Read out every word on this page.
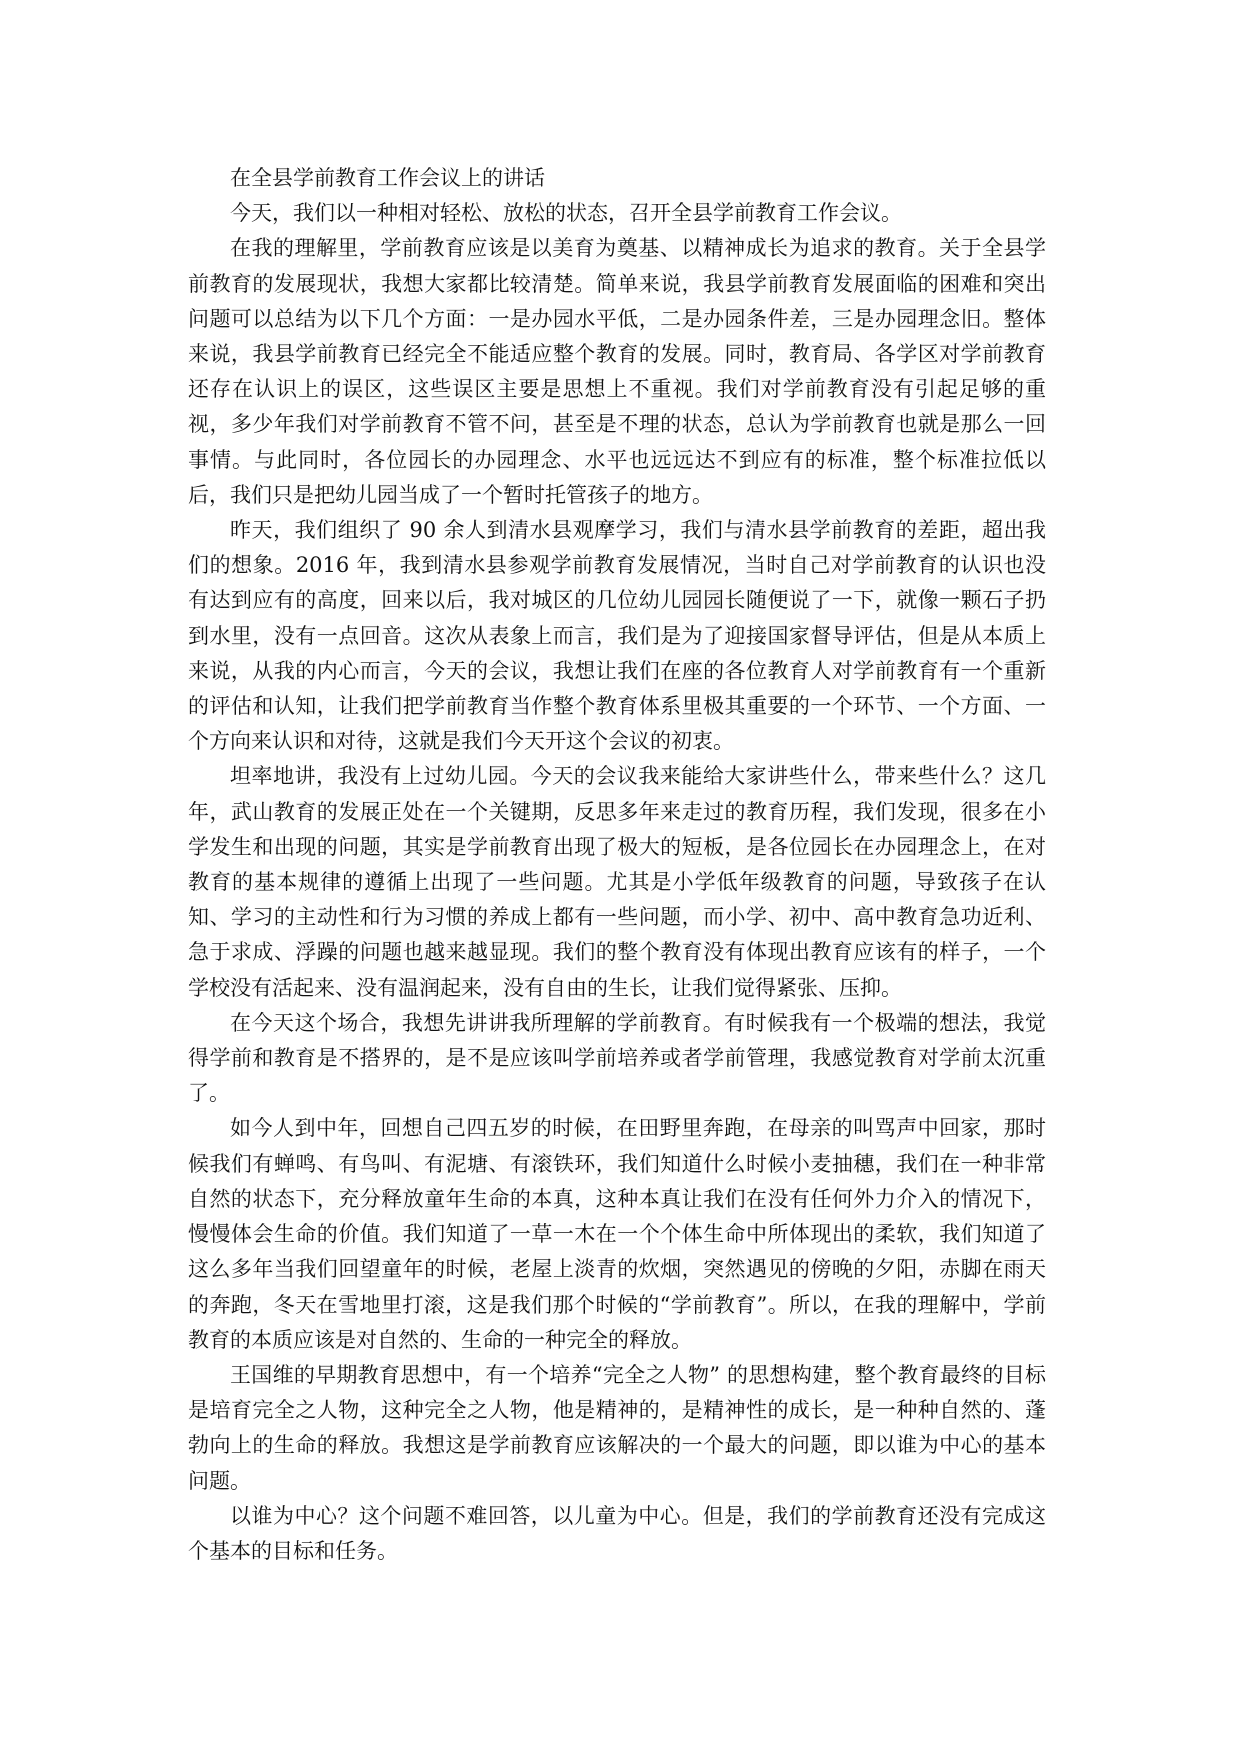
在全县学前教育工作会议上的讲话

今天，我们以一种相对轻松、放松的状态，召开全县学前教育工作会议。

在我的理解里，学前教育应该是以美育为奠基、以精神成长为追求的教育。关于全县学前教育的发展现状，我想大家都比较清楚。简单来说，我县学前教育发展面临的困难和突出问题可以总结为以下几个方面：一是办园水平低，二是办园条件差，三是办园理念旧。整体来说，我县学前教育已经完全不能适应整个教育的发展。同时，教育局、各学区对学前教育还存在认识上的误区，这些误区主要是思想上不重视。我们对学前教育没有引起足够的重视，多少年我们对学前教育不管不问，甚至是不理的状态，总认为学前教育也就是那么一回事情。与此同时，各位园长的办园理念、水平也远远达不到应有的标准，整个标准拉低以后，我们只是把幼儿园当成了一个暂时托管孩子的地方。

昨天，我们组织了 90 余人到清水县观摩学习，我们与清水县学前教育的差距，超出我们的想象。2016 年，我到清水县参观学前教育发展情况，当时自己对学前教育的认识也没有达到应有的高度，回来以后，我对城区的几位幼儿园园长随便说了一下，就像一颗石子扔到水里，没有一点回音。这次从表象上而言，我们是为了迎接国家督导评估，但是从本质上来说，从我的内心而言，今天的会议，我想让我们在座的各位教育人对学前教育有一个重新的评估和认知，让我们把学前教育当作整个教育体系里极其重要的一个环节、一个方面、一个方向来认识和对待，这就是我们今天开这个会议的初衷。

坦率地讲，我没有上过幼儿园。今天的会议我来能给大家讲些什么，带来些什么？这几年，武山教育的发展正处在一个关键期，反思多年来走过的教育历程，我们发现，很多在小学发生和出现的问题，其实是学前教育出现了极大的短板，是各位园长在办园理念上，在对教育的基本规律的遵循上出现了一些问题。尤其是小学低年级教育的问题，导致孩子在认知、学习的主动性和行为习惯的养成上都有一些问题，而小学、初中、高中教育急功近利、急于求成、浮躁的问题也越来越显现。我们的整个教育没有体现出教育应该有的样子，一个学校没有活起来、没有温润起来，没有自由的生长，让我们觉得紧张、压抑。

在今天这个场合，我想先讲讲我所理解的学前教育。有时候我有一个极端的想法，我觉得学前和教育是不搭界的，是不是应该叫学前培养或者学前管理，我感觉教育对学前太沉重了。

如今人到中年，回想自己四五岁的时候，在田野里奔跑，在母亲的叫骂声中回家，那时候我们有蝉鸣、有鸟叫、有泥塘、有滚铁环，我们知道什么时候小麦抽穗，我们在一种非常自然的状态下，充分释放童年生命的本真，这种本真让我们在没有任何外力介入的情况下，慢慢体会生命的价值。我们知道了一草一木在一个个体生命中所体现出的柔软，我们知道了这么多年当我们回望童年的时候，老屋上淡青的炊烟，突然遇见的傍晚的夕阳，赤脚在雨天的奔跑，冬天在雪地里打滚，这是我们那个时候的“学前教育”。所以，在我的理解中，学前教育的本质应该是对自然的、生命的一种完全的释放。

王国维的早期教育思想中，有一个培养“完全之人物” 的思想构建，整个教育最终的目标是培育完全之人物，这种完全之人物，他是精神的，是精神性的成长，是一种种自然的、蓬勃向上的生命的释放。我想这是学前教育应该解决的一个最大的问题，即以谁为中心的基本问题。

以谁为中心？这个问题不难回答，以儿童为中心。但是，我们的学前教育还没有完成这个基本的目标和任务。
